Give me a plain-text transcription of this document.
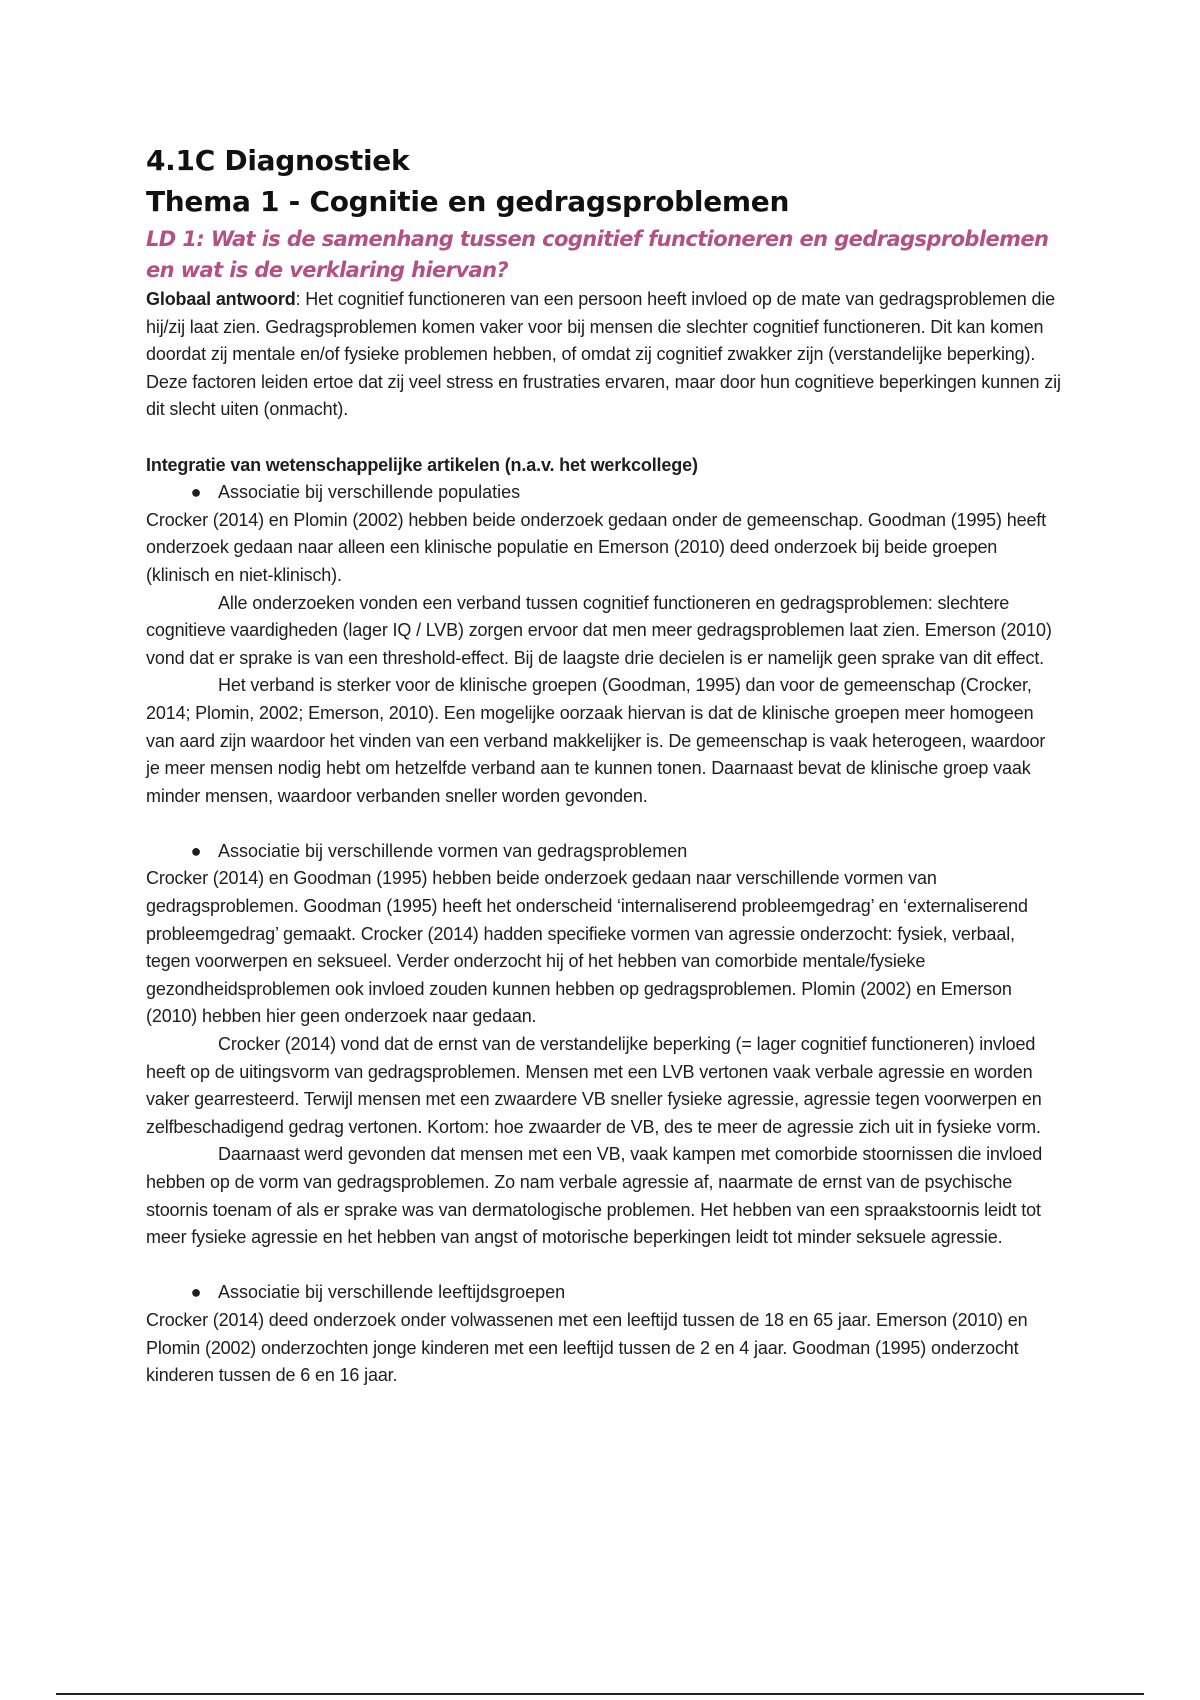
4.1C Diagnostiek
Thema 1 - Cognitie en gedragsproblemen

LD 1: Wat is de samenhang tussen cognitief functioneren en gedragsproblemen en wat is de verklaring hiervan?

Globaal antwoord: Het cognitief functioneren van een persoon heeft invloed op de mate van gedragsproblemen die hij/zij laat zien. Gedragsproblemen komen vaker voor bij mensen die slechter cognitief functioneren. Dit kan komen doordat zij mentale en/of fysieke problemen hebben, of omdat zij cognitief zwakker zijn (verstandelijke beperking). Deze factoren leiden ertoe dat zij veel stress en frustraties ervaren, maar door hun cognitieve beperkingen kunnen zij dit slecht uiten (onmacht).

Integratie van wetenschappelijke artikelen (n.a.v. het werkcollege)

● Associatie bij verschillende populaties

Crocker (2014) en Plomin (2002) hebben beide onderzoek gedaan onder de gemeenschap. Goodman (1995) heeft onderzoek gedaan naar alleen een klinische populatie en Emerson (2010) deed onderzoek bij beide groepen (klinisch en niet-klinisch).

Alle onderzoeken vonden een verband tussen cognitief functioneren en gedragsproblemen: slechtere cognitieve vaardigheden (lager IQ / LVB) zorgen ervoor dat men meer gedragsproblemen laat zien. Emerson (2010) vond dat er sprake is van een threshold-effect. Bij de laagste drie decielen is er namelijk geen sprake van dit effect.

Het verband is sterker voor de klinische groepen (Goodman, 1995) dan voor de gemeenschap (Crocker, 2014; Plomin, 2002; Emerson, 2010). Een mogelijke oorzaak hiervan is dat de klinische groepen meer homogeen van aard zijn waardoor het vinden van een verband makkelijker is. De gemeenschap is vaak heterogeen, waardoor je meer mensen nodig hebt om hetzelfde verband aan te kunnen tonen. Daarnaast bevat de klinische groep vaak minder mensen, waardoor verbanden sneller worden gevonden.

● Associatie bij verschillende vormen van gedragsproblemen

Crocker (2014) en Goodman (1995) hebben beide onderzoek gedaan naar verschillende vormen van gedragsproblemen. Goodman (1995) heeft het onderscheid ‘internaliserend probleemgedrag’ en ‘externaliserend probleemgedrag’ gemaakt. Crocker (2014) hadden specifieke vormen van agressie onderzocht: fysiek, verbaal, tegen voorwerpen en seksueel. Verder onderzocht hij of het hebben van comorbide mentale/fysieke gezondheidsproblemen ook invloed zouden kunnen hebben op gedragsproblemen. Plomin (2002) en Emerson (2010) hebben hier geen onderzoek naar gedaan.

Crocker (2014) vond dat de ernst van de verstandelijke beperking (= lager cognitief functioneren) invloed heeft op de uitingsvorm van gedragsproblemen. Mensen met een LVB vertonen vaak verbale agressie en worden vaker gearresteerd. Terwijl mensen met een zwaardere VB sneller fysieke agressie, agressie tegen voorwerpen en zelfbeschadigend gedrag vertonen. Kortom: hoe zwaarder de VB, des te meer de agressie zich uit in fysieke vorm.

Daarnaast werd gevonden dat mensen met een VB, vaak kampen met comorbide stoornissen die invloed hebben op de vorm van gedragsproblemen. Zo nam verbale agressie af, naarmate de ernst van de psychische stoornis toenam of als er sprake was van dermatologische problemen. Het hebben van een spraakstoornis leidt tot meer fysieke agressie en het hebben van angst of motorische beperkingen leidt tot minder seksuele agressie.

● Associatie bij verschillende leeftijdsgroepen

Crocker (2014) deed onderzoek onder volwassenen met een leeftijd tussen de 18 en 65 jaar. Emerson (2010) en Plomin (2002) onderzochten jonge kinderen met een leeftijd tussen de 2 en 4 jaar. Goodman (1995) onderzocht kinderen tussen de 6 en 16 jaar.
